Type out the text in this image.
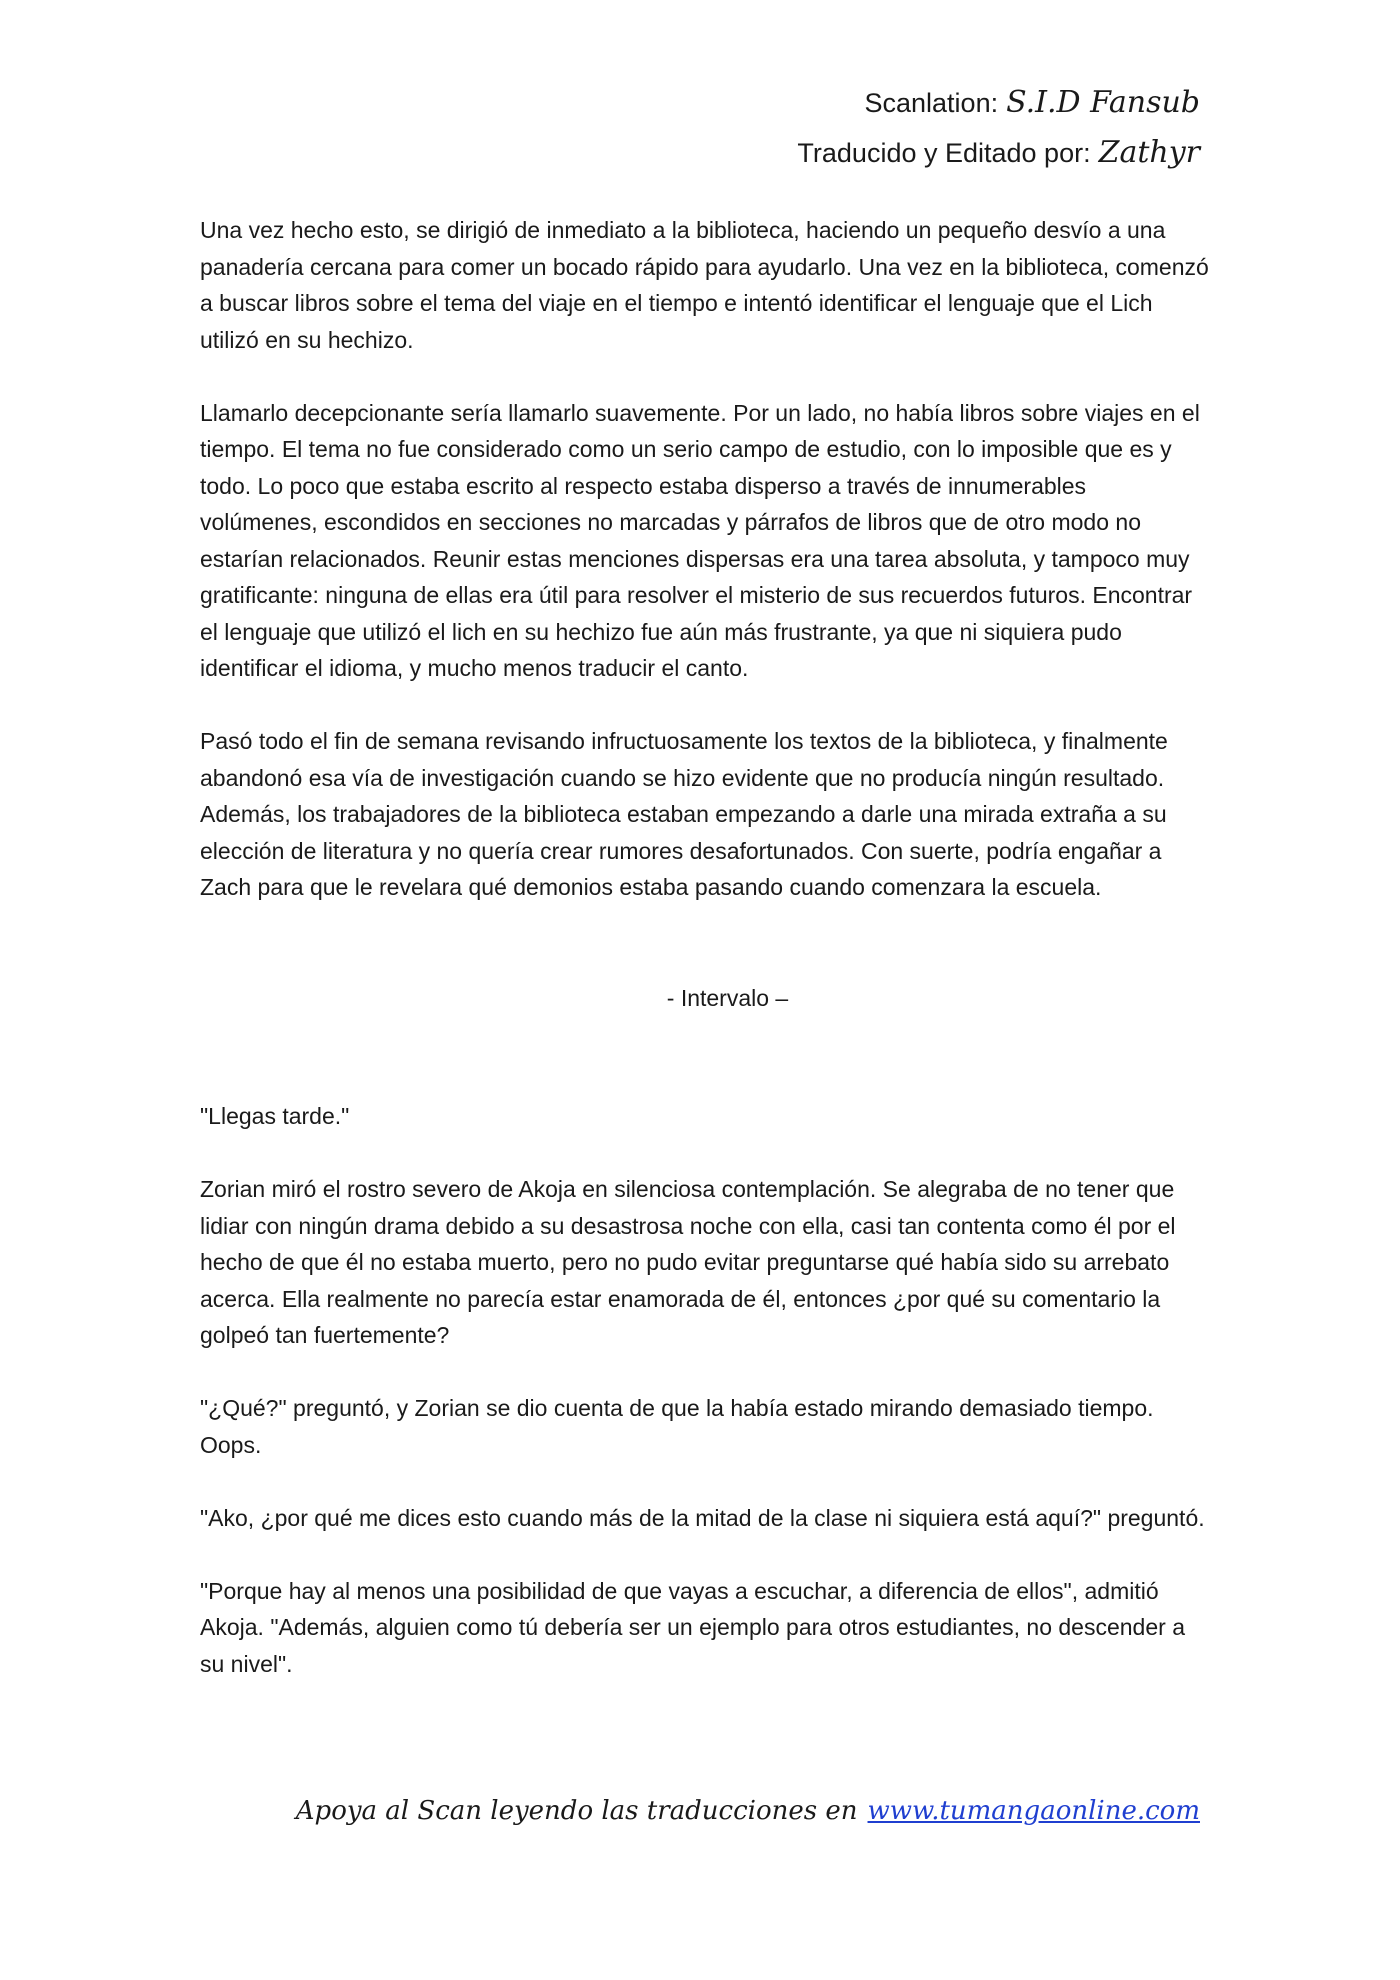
Scanlation: S.I.D Fansub
Traducido y Editado por: Zathyr

Una vez hecho esto, se dirigió de inmediato a la biblioteca, haciendo un pequeño desvío a una panadería cercana para comer un bocado rápido para ayudarlo. Una vez en la biblioteca, comenzó a buscar libros sobre el tema del viaje en el tiempo e intentó identificar el lenguaje que el Lich utilizó en su hechizo.

Llamarlo decepcionante sería llamarlo suavemente. Por un lado, no había libros sobre viajes en el tiempo. El tema no fue considerado como un serio campo de estudio, con lo imposible que es y todo. Lo poco que estaba escrito al respecto estaba disperso a través de innumerables volúmenes, escondidos en secciones no marcadas y párrafos de libros que de otro modo no estarían relacionados. Reunir estas menciones dispersas era una tarea absoluta, y tampoco muy gratificante: ninguna de ellas era útil para resolver el misterio de sus recuerdos futuros. Encontrar el lenguaje que utilizó el lich en su hechizo fue aún más frustrante, ya que ni siquiera pudo identificar el idioma, y mucho menos traducir el canto.

Pasó todo el fin de semana revisando infructuosamente los textos de la biblioteca, y finalmente abandonó esa vía de investigación cuando se hizo evidente que no producía ningún resultado. Además, los trabajadores de la biblioteca estaban empezando a darle una mirada extraña a su elección de literatura y no quería crear rumores desafortunados. Con suerte, podría engañar a Zach para que le revelara qué demonios estaba pasando cuando comenzara la escuela.

- Intervalo –

"Llegas tarde."

Zorian miró el rostro severo de Akoja en silenciosa contemplación. Se alegraba de no tener que lidiar con ningún drama debido a su desastrosa noche con ella, casi tan contenta como él por el hecho de que él no estaba muerto, pero no pudo evitar preguntarse qué había sido su arrebato acerca. Ella realmente no parecía estar enamorada de él, entonces ¿por qué su comentario la golpeó tan fuertemente?

"¿Qué?" preguntó, y Zorian se dio cuenta de que la había estado mirando demasiado tiempo. Oops.

"Ako, ¿por qué me dices esto cuando más de la mitad de la clase ni siquiera está aquí?" preguntó.

"Porque hay al menos una posibilidad de que vayas a escuchar, a diferencia de ellos", admitió Akoja. "Además, alguien como tú debería ser un ejemplo para otros estudiantes, no descender a su nivel".

Apoya al Scan leyendo las traducciones en www.tumangaonline.com
